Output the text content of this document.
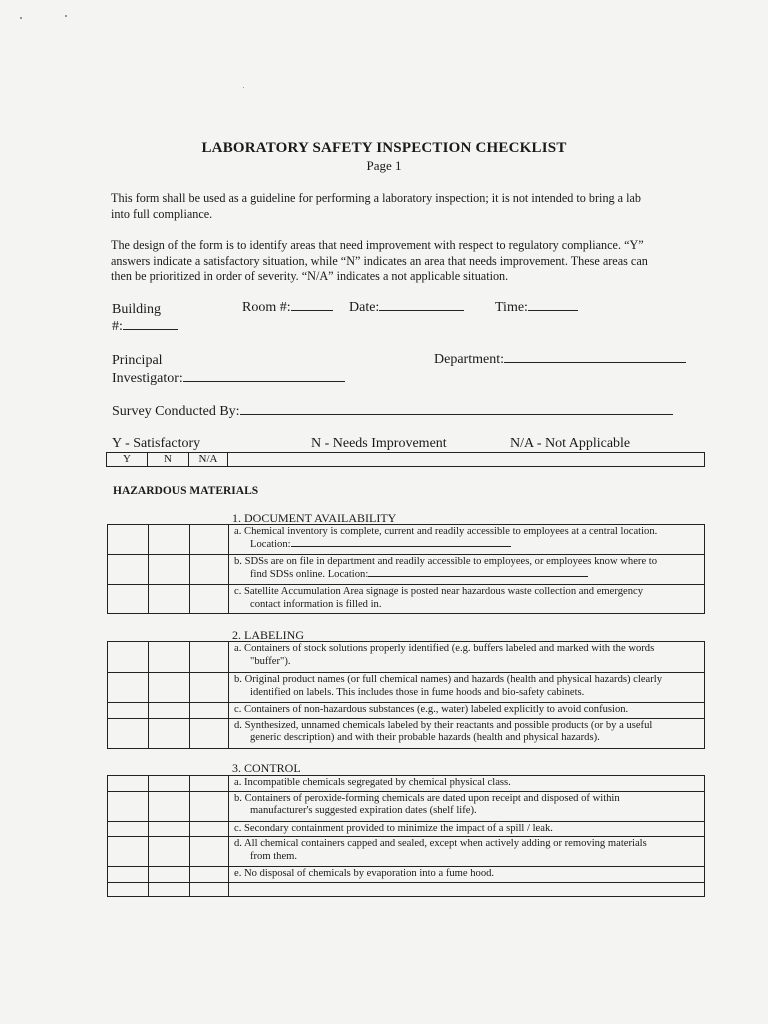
LABORATORY SAFETY INSPECTION CHECKLIST
Page 1
This form shall be used as a guideline for performing a laboratory inspection; it is not intended to bring a lab into full compliance.
The design of the form is to identify areas that need improvement with respect to regulatory compliance. “Y” answers indicate a satisfactory situation, while “N” indicates an area that needs improvement. These areas can then be prioritized in order of severity. “N/A” indicates a not applicable situation.
Building
#:
Room #:	Date:	Time:
Principal
Investigator:
Department:
Survey Conducted By:
Y - Satisfactory	N - Needs Improvement	N/A - Not Applicable
Y	N	N/A
HAZARDOUS MATERIALS
1. DOCUMENT AVAILABILITY

			a. Chemical inventory is complete, current and readily accessible to employees at a central location.
Location:

			b. SDSs are on file in department and readily accessible to employees, or employees know where to
find SDSs online. Location:

			c. Satellite Accumulation Area signage is posted near hazardous waste collection and emergency
contact information is filled in.
2. LABELING

			a. Containers of stock solutions properly identified (e.g. buffers labeled and marked with the words
"buffer").

			b. Original product names (or full chemical names) and hazards (health and physical hazards) clearly
identified on labels. This includes those in fume hoods and bio-safety cabinets.

			c. Containers of non-hazardous substances (e.g., water) labeled explicitly to avoid confusion.

			d. Synthesized, unnamed chemicals labeled by their reactants and possible products (or by a useful
generic description) and with their probable hazards (health and physical hazards).
3. CONTROL

			a. Incompatible chemicals segregated by chemical physical class.

			b. Containers of peroxide-forming chemicals are dated upon receipt and disposed of within
manufacturer's suggested expiration dates (shelf life).

			c. Secondary containment provided to minimize the impact of a spill / leak.

			d. All chemical containers capped and sealed, except when actively adding or removing materials
from them.

			e. No disposal of chemicals by evaporation into a fume hood.
